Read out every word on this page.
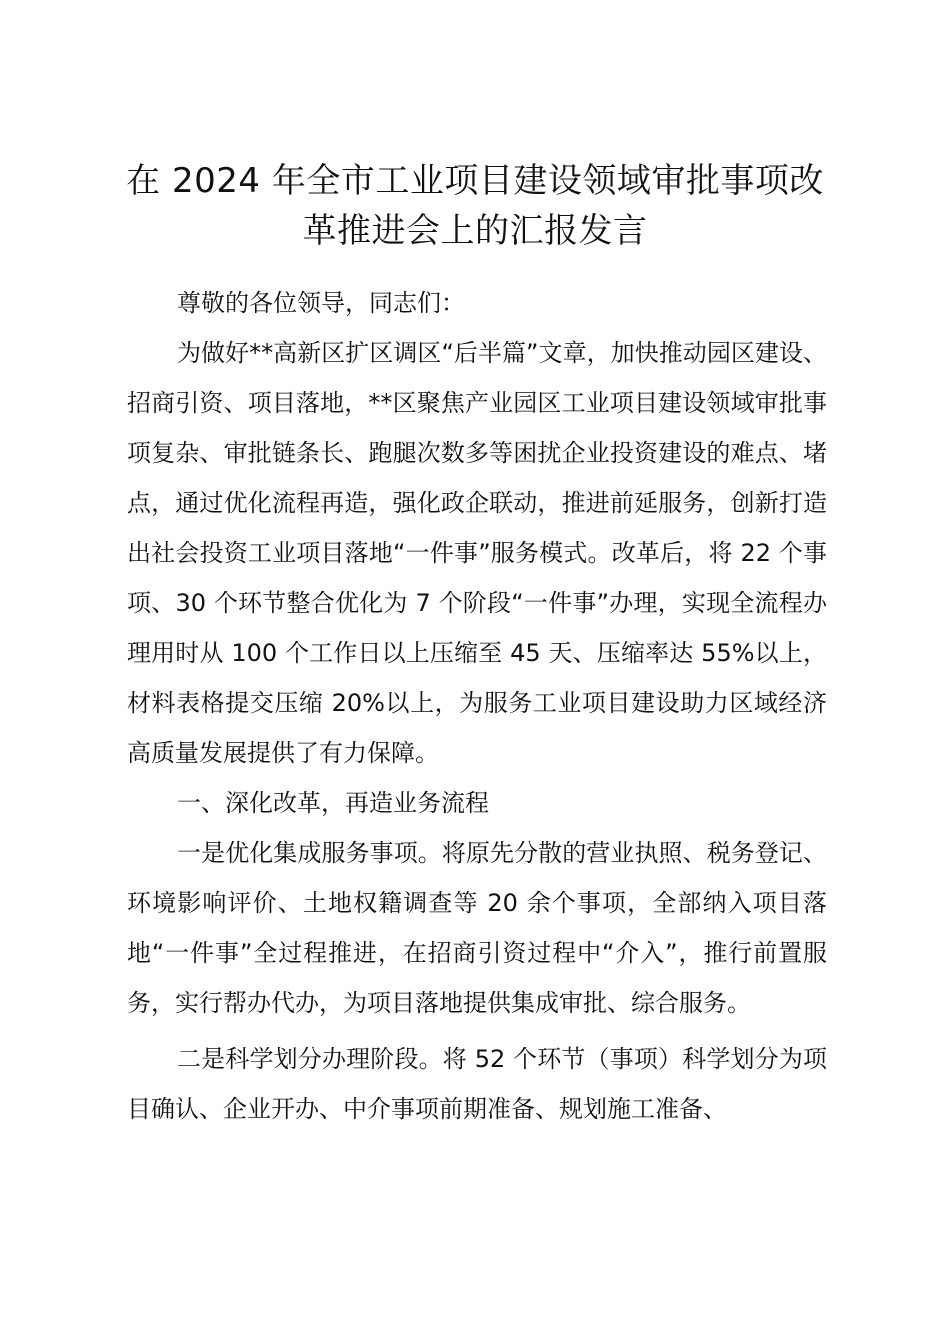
在 2024 年全市工业项目建设领域审批事项改
革推进会上的汇报发言

尊敬的各位领导，同志们：

为做好**高新区扩区调区“后半篇”文章，加快推动园区建设、招商引资、项目落地，**区聚焦产业园区工业项目建设领域审批事项复杂、审批链条长、跑腿次数多等困扰企业投资建设的难点、堵点，通过优化流程再造，强化政企联动，推进前延服务，创新打造出社会投资工业项目落地“一件事”服务模式。改革后，将 22 个事项、30 个环节整合优化为 7 个阶段“一件事”办理，实现全流程办理用时从 100 个工作日以上压缩至 45 天、压缩率达 55%以上，材料表格提交压缩 20%以上，为服务工业项目建设助力区域经济高质量发展提供了有力保障。

一、深化改革，再造业务流程

一是优化集成服务事项。将原先分散的营业执照、税务登记、环境影响评价、土地权籍调查等 20 余个事项，全部纳入项目落地“一件事”全过程推进，在招商引资过程中“介入”，推行前置服务，实行帮办代办，为项目落地提供集成审批、综合服务。

二是科学划分办理阶段。将 52 个环节（事项）科学划分为项目确认、企业开办、中介事项前期准备、规划施工准备、
